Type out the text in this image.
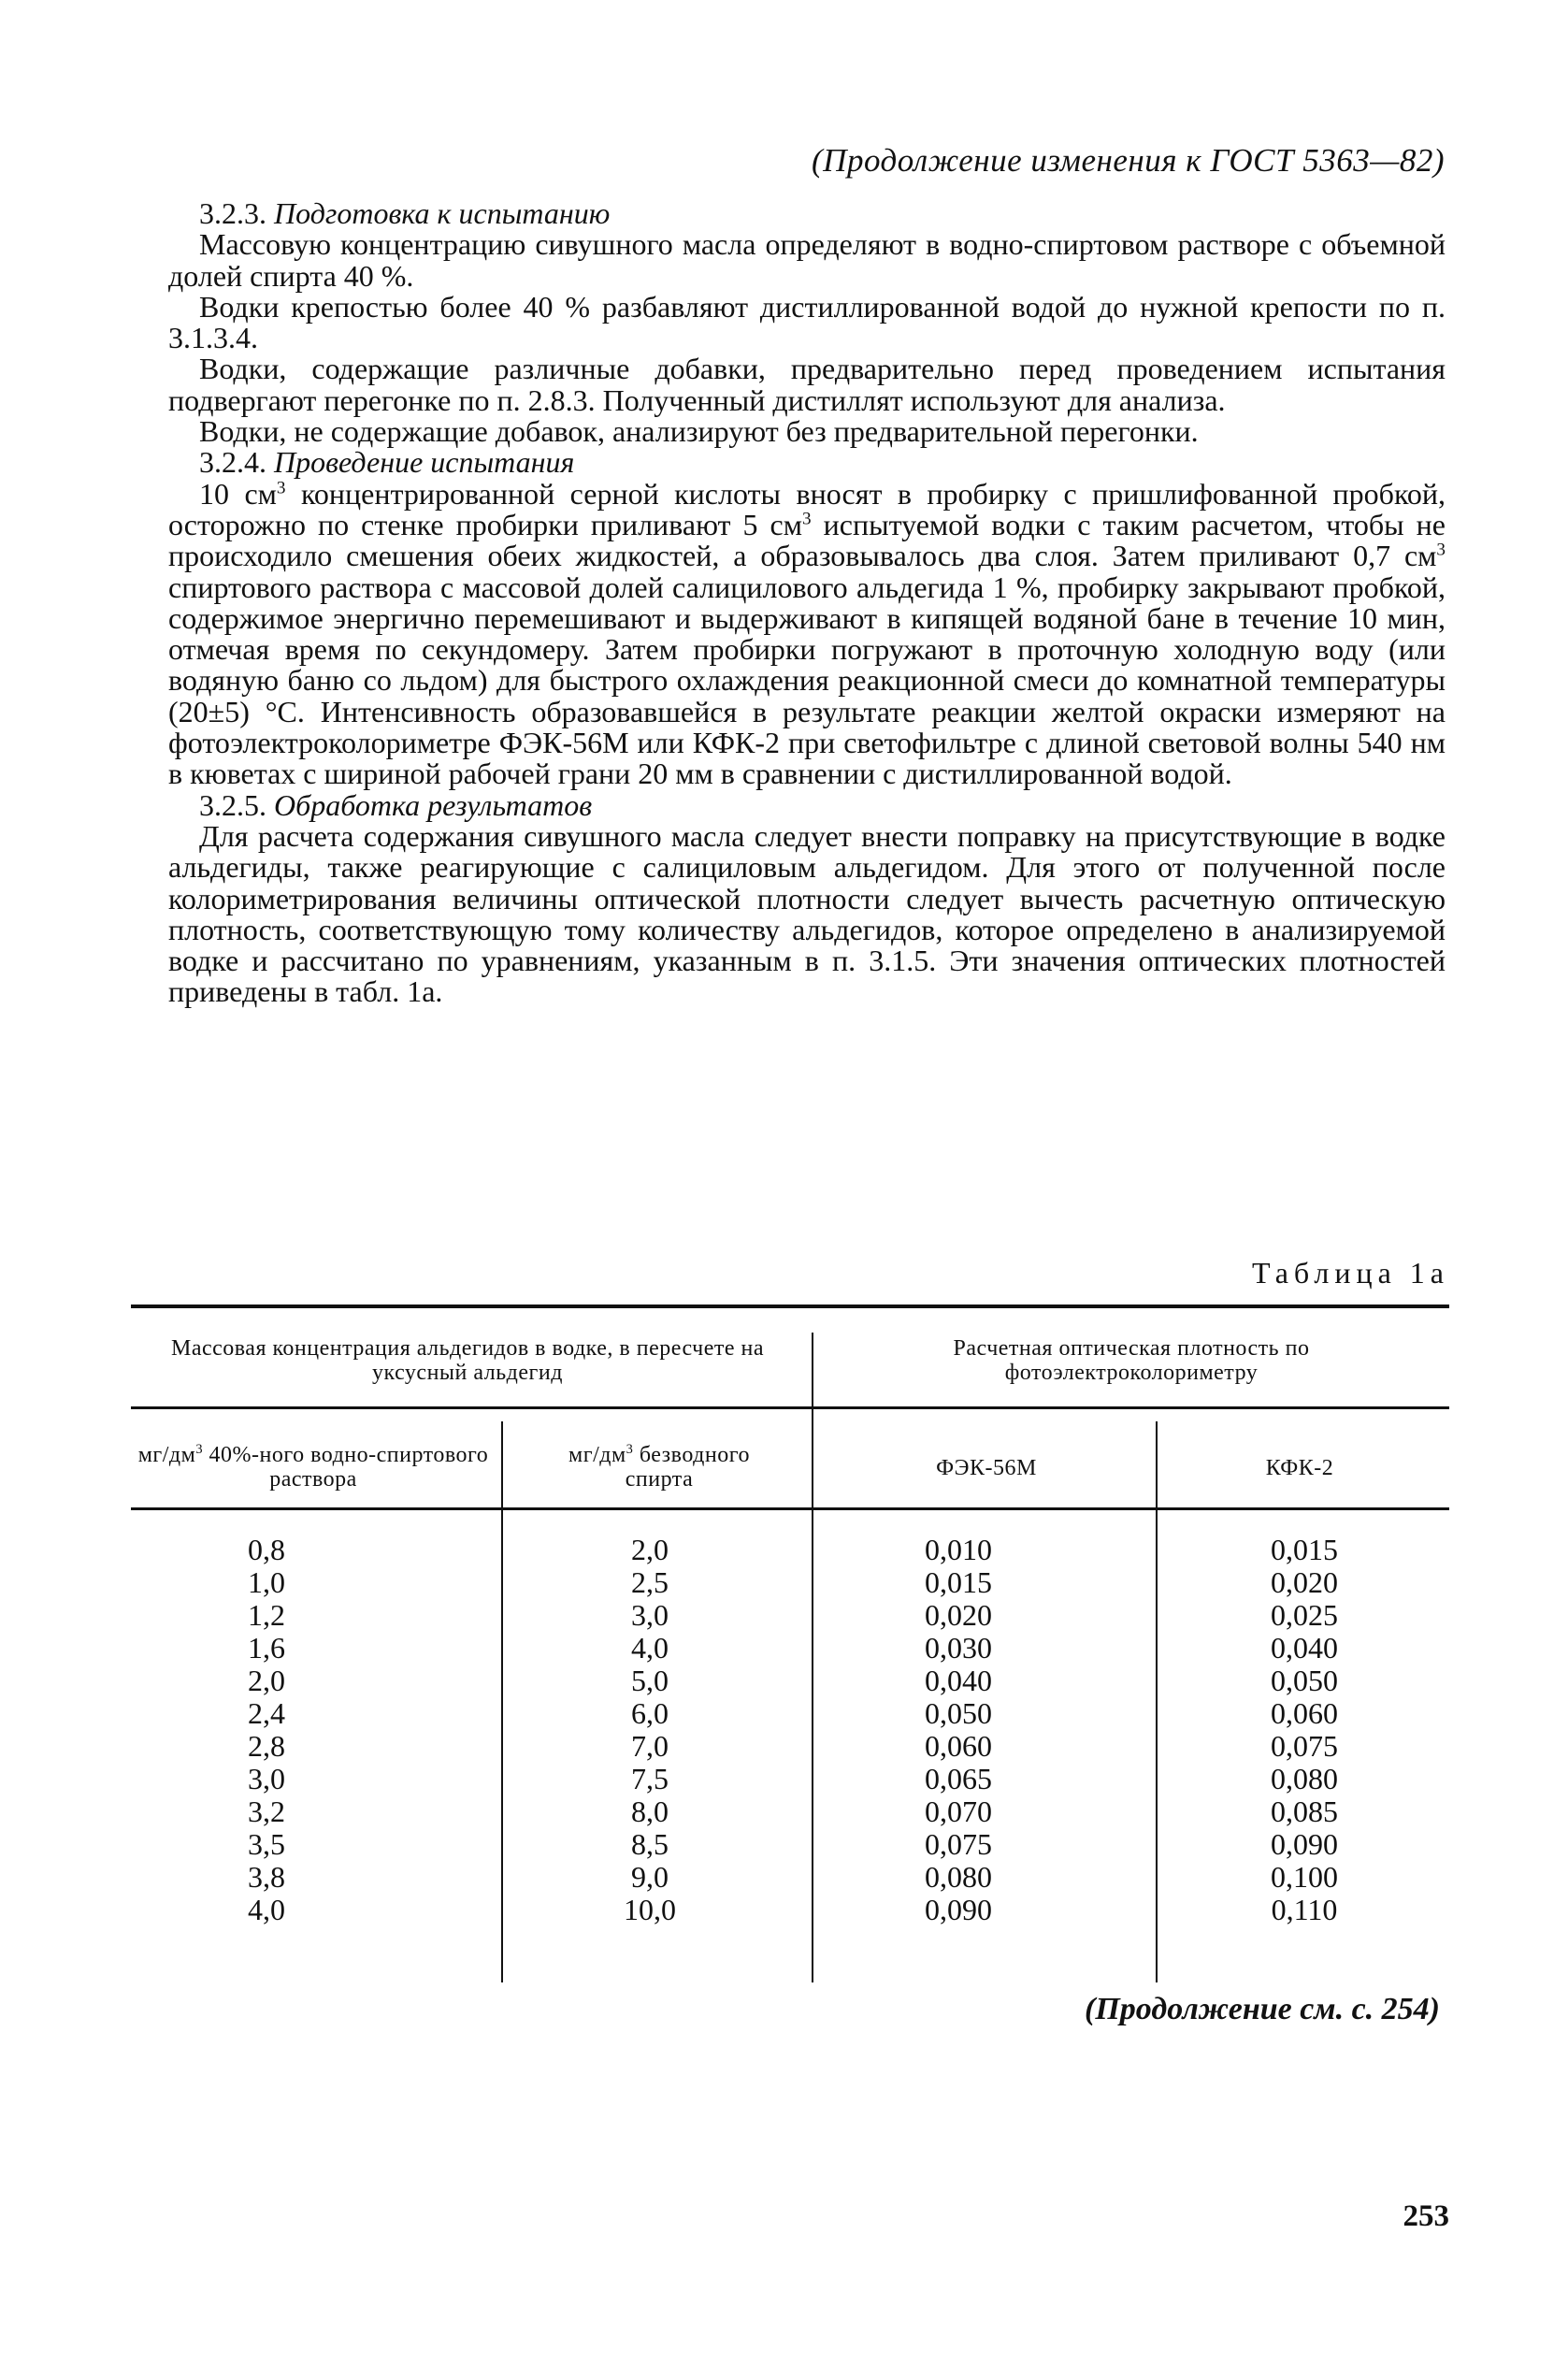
(Продолжение изменения к ГОСТ 5363—82)

3.2.3. Подготовка к испытанию

Массовую концентрацию сивушного масла определяют в водно-спиртовом растворе с объемной долей спирта 40 %.

Водки крепостью более 40 % разбавляют дистиллированной водой до нужной крепости по п. 3.1.3.4.

Водки, содержащие различные добавки, предварительно перед проведением испытания подвергают перегонке по п. 2.8.3. Полученный дистиллят используют для анализа.

Водки, не содержащие добавок, анализируют без предварительной перегонки.

3.2.4. Проведение испытания

10 $см^3$ концентрированной серной кислоты вносят в пробирку с пришлифованной пробкой, осторожно по стенке пробирки приливают 5 $см^3$ испытуемой водки с таким расчетом, чтобы не происходило смешения обеих жидкостей, а образовывалось два слоя. Затем приливают 0,7 $см^3$ спиртового раствора с массовой долей салицилового альдегида 1 %, пробирку закрывают пробкой, содержимое энергично перемешивают и выдерживают в кипящей водяной бане в течение 10 мин, отмечая время по секундомеру. Затем пробирки погружают в проточную холодную воду (или водяную баню со льдом) для быстрого охлаждения реакционной смеси до комнатной температуры (20±5) °С. Интенсивность образовавшейся в результате реакции желтой окраски измеряют на фотоэлектроколориметре ФЭК-56М или КФК-2 при светофильтре с длиной световой волны 540 нм в кюветах с шириной рабочей грани 20 мм в сравнении с дистиллированной водой.

3.2.5. Обработка результатов

Для расчета содержания сивушного масла следует внести поправку на присутствующие в водке альдегиды, также реагирующие с салициловым альдегидом. Для этого от полученной после колориметрирования величины оптической плотности следует вычесть расчетную оптическую плотность, соответствующую тому количеству альдегидов, которое определено в анализируемой водке и рассчитано по уравнениям, указанным в п. 3.1.5. Эти значения оптических плотностей приведены в табл. 1а.

Таблица 1а
Массовая концентрация альдегидов в водке, в пересчете на уксусный альдегид
Расчетная оптическая плотность по фотоэлектроколориметру
$мг/дм^3$ 40%-ного водно-спиртового раствора
$мг/дм^3$ безводного спирта	ФЭК-56М	КФК-2
0,8
1,0
1,2
1,6
2,0
2,4
2,8
3,0
3,2
3,5
3,8
4,0
2,0
2,5
3,0
4,0
5,0
6,0
7,0
7,5
8,0
8,5
9,0
10,0
0,010
0,015
0,020
0,030
0,040
0,050
0,060
0,065
0,070
0,075
0,080
0,090
0,015
0,020
0,025
0,040
0,050
0,060
0,075
0,080
0,085
0,090
0,100
0,110
(Продолжение см. с. 254)
253
